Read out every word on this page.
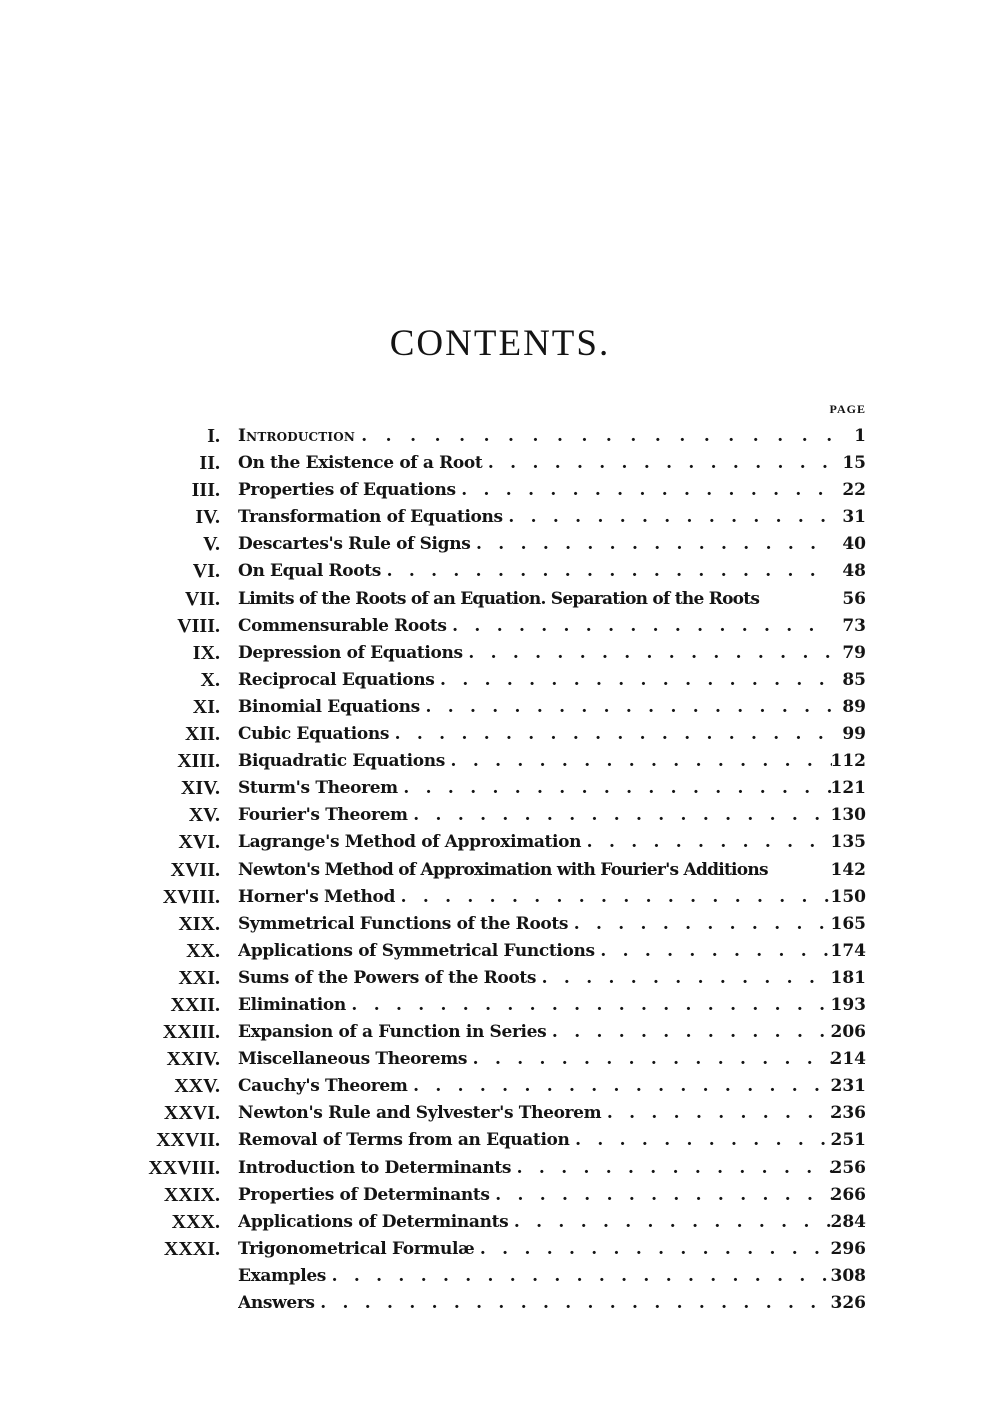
CONTENTS.
PAGE
I. Introduction . .	1
II. On the Existence of a Root . .	15
III. Properties of Equations . .	22
IV. Transformation of Equations . .	31
V. Descartes's Rule of Signs . .	40
VI. On Equal Roots . .	48
VII. Limits of the Roots of an Equation. Separation of the Roots	56
VIII. Commensurable Roots . .	73
IX. Depression of Equations . .	79
X. Reciprocal Equations . .	85
XI. Binomial Equations . .	89
XII. Cubic Equations . .	99
XIII. Biquadratic Equations . .	112
XIV. Sturm's Theorem . .	121
XV. Fourier's Theorem . .	130
XVI. Lagrange's Method of Approximation . .	135
XVII. Newton's Method of Approximation with Fourier's Additions	142
XVIII. Horner's Method . .	150
XIX. Symmetrical Functions of the Roots . .	165
XX. Applications of Symmetrical Functions . .	174
XXI. Sums of the Powers of the Roots . .	181
XXII. Elimination . .	193
XXIII. Expansion of a Function in Series . .	206
XXIV. Miscellaneous Theorems . .	214
XXV. Cauchy's Theorem . .	231
XXVI. Newton's Rule and Sylvester's Theorem . .	236
XXVII. Removal of Terms from an Equation . .	251
XXVIII. Introduction to Determinants . .	256
XXIX. Properties of Determinants . .	266
XXX. Applications of Determinants . .	284
XXXI. Trigonometrical Formulæ . .	296
Examples . .	308
Answers . .	326
